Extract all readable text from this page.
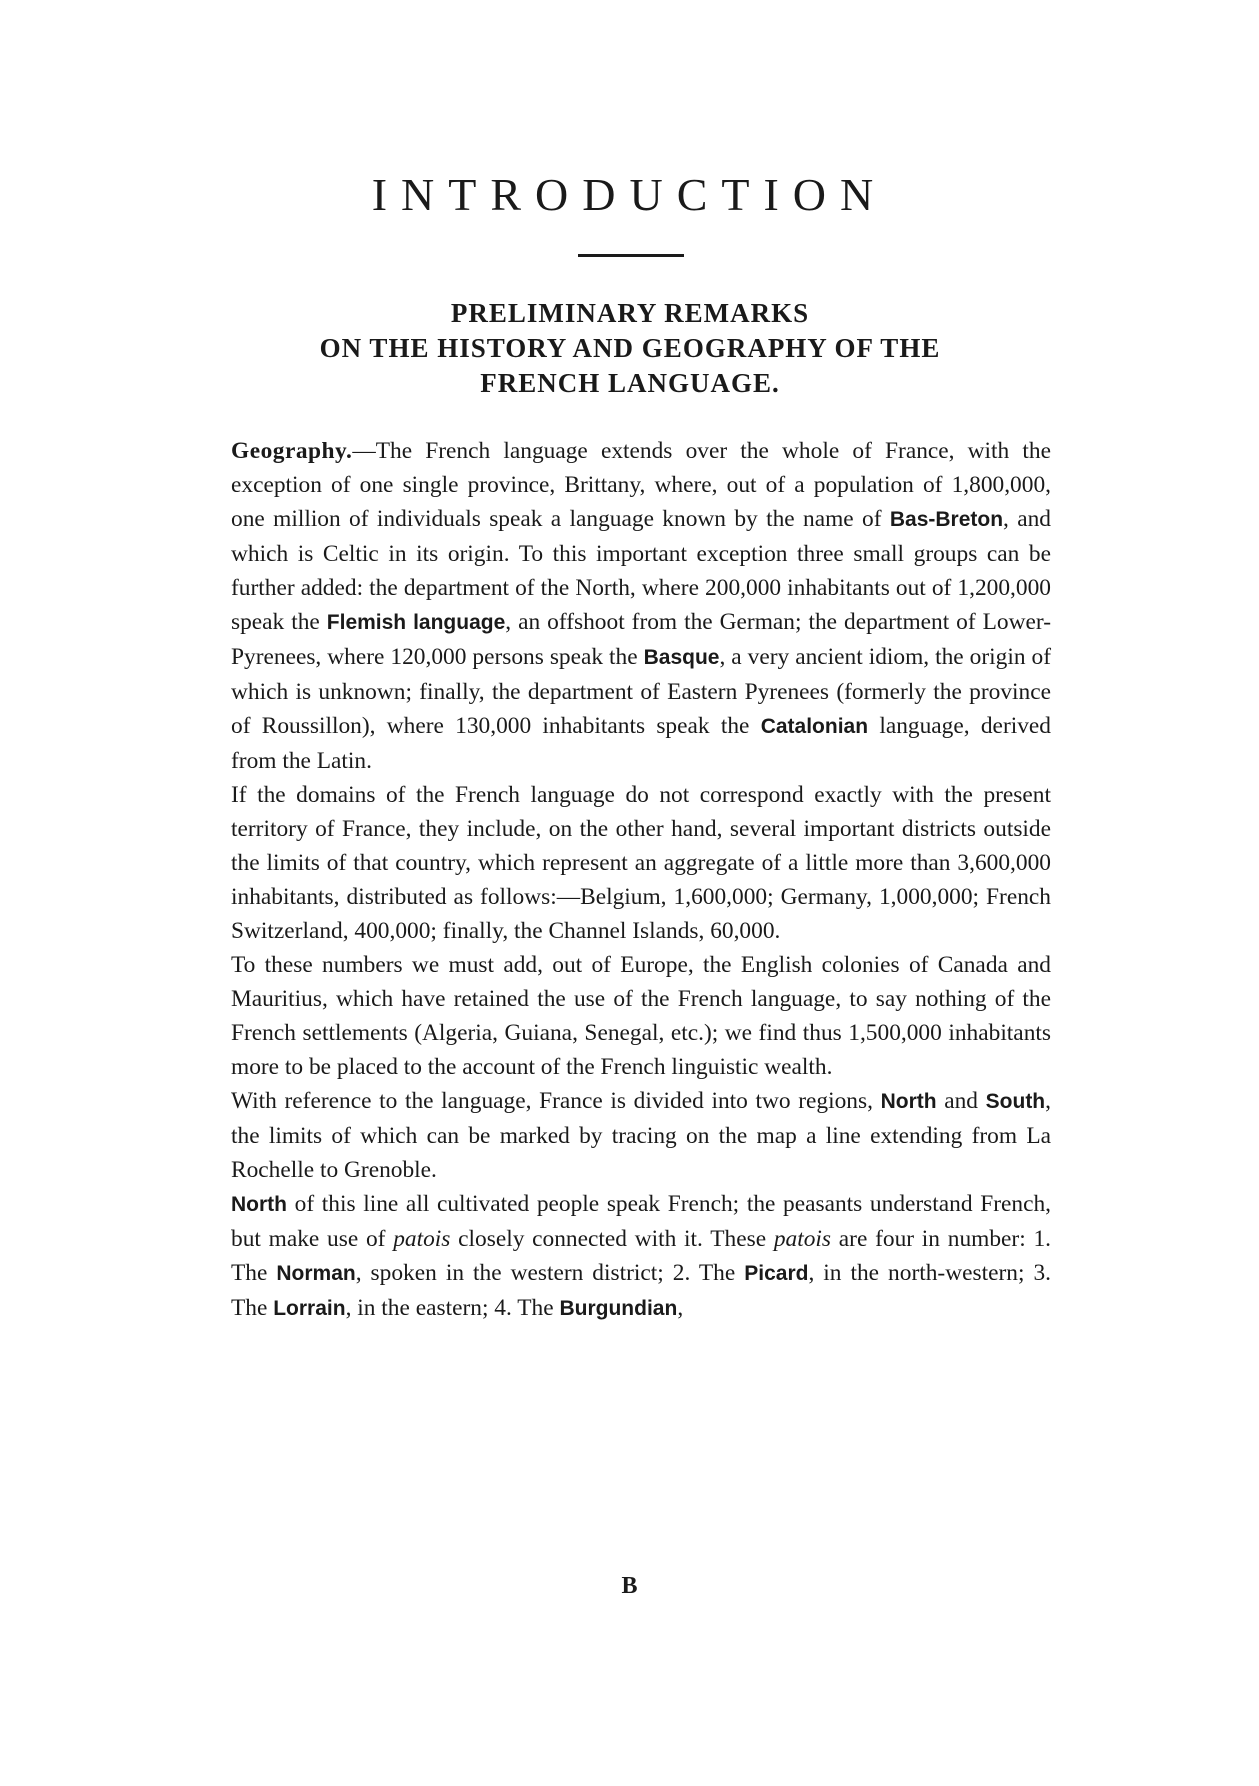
INTRODUCTION
PRELIMINARY REMARKS
ON THE HISTORY AND GEOGRAPHY OF THE
FRENCH LANGUAGE.

Geography.—The French language extends over the whole of France, with the exception of one single province, Brittany, where, out of a population of 1,800,000, one million of individuals speak a language known by the name of Bas-Breton, and which is Celtic in its origin. To this important exception three small groups can be further added: the department of the North, where 200,000 inhabitants out of 1,200,000 speak the Flemish language, an offshoot from the German; the department of Lower-Pyrenees, where 120,000 persons speak the Basque, a very ancient idiom, the origin of which is unknown; finally, the department of Eastern Pyrenees (formerly the province of Roussillon), where 130,000 inhabitants speak the Catalonian language, derived from the Latin.

If the domains of the French language do not correspond exactly with the present territory of France, they include, on the other hand, several important districts outside the limits of that country, which represent an aggregate of a little more than 3,600,000 inhabitants, distributed as follows:—Belgium, 1,600,000; Germany, 1,000,000; French Switzerland, 400,000; finally, the Channel Islands, 60,000.

To these numbers we must add, out of Europe, the English colonies of Canada and Mauritius, which have retained the use of the French language, to say nothing of the French settlements (Algeria, Guiana, Senegal, etc.); we find thus 1,500,000 inhabitants more to be placed to the account of the French linguistic wealth.

With reference to the language, France is divided into two regions, North and South, the limits of which can be marked by tracing on the map a line extending from La Rochelle to Grenoble.

North of this line all cultivated people speak French; the peasants understand French, but make use of patois closely connected with it. These patois are four in number: 1. The Norman, spoken in the western district; 2. The Picard, in the north-western; 3. The Lorrain, in the eastern; 4. The Burgundian,

B
